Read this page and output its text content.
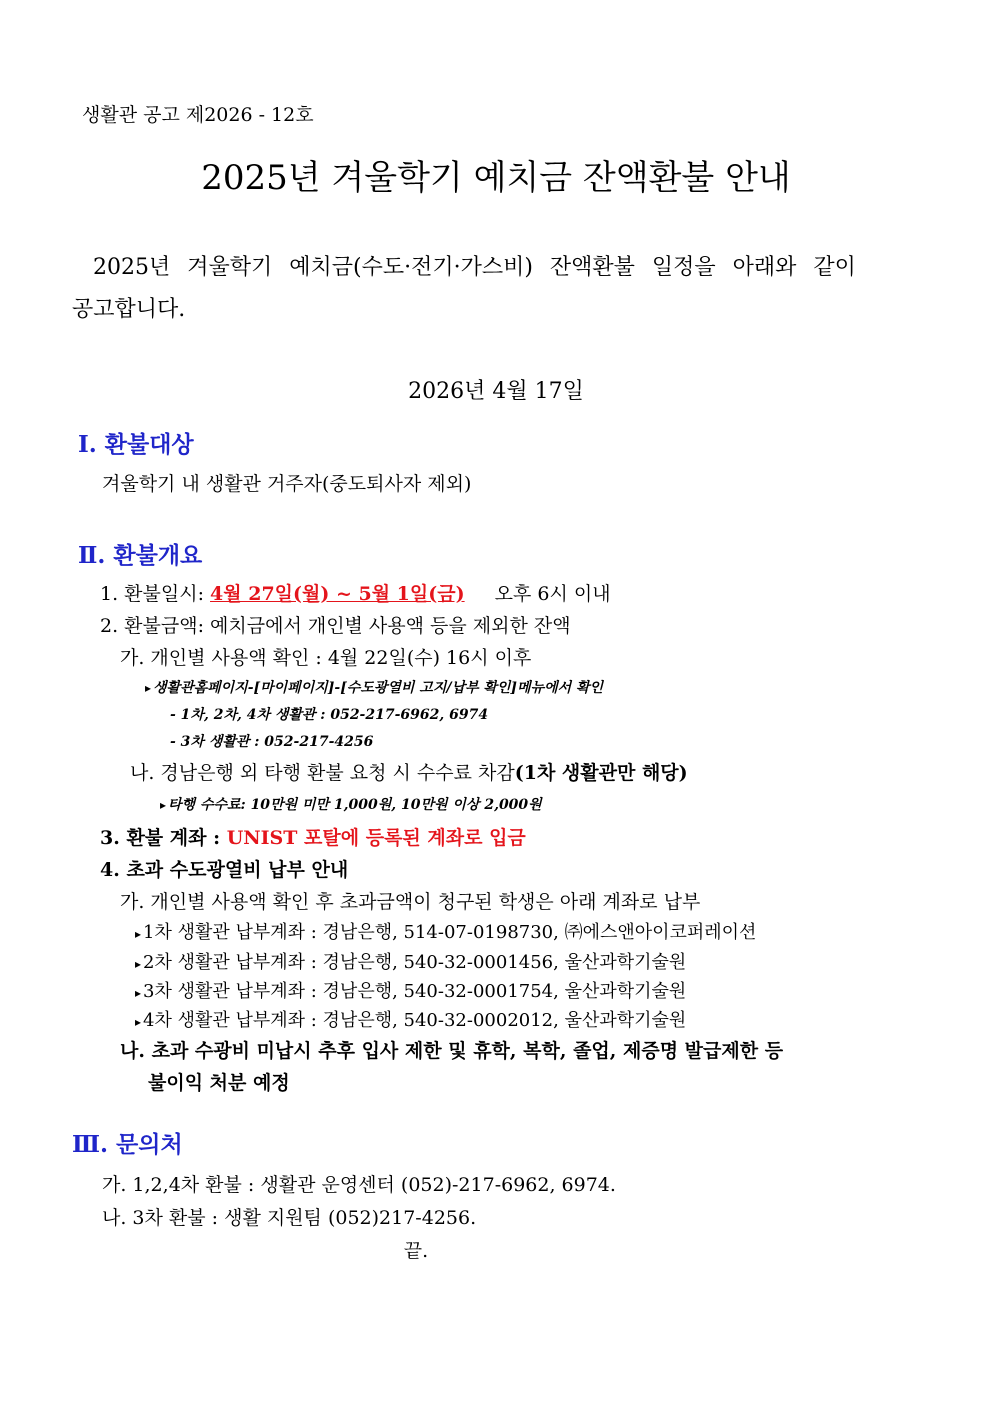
생활관 공고 제2026 - 12호
2025년 겨울학기 예치금 잔액환불 안내
2025년 겨울학기 예치금(수도·전기·가스비) 잔액환불 일정을 아래와 같이
공고합니다.
2026년 4월 17일
Ⅰ. 환불대상
겨울학기 내 생활관 거주자(중도퇴사자 제외)
Ⅱ. 환불개요
1. 환불일시: 4월 27일(월) ~ 5월 1일(금) 오후 6시 이내
2. 환불금액: 예치금에서 개인별 사용액 등을 제외한 잔액
가. 개인별 사용액 확인 : 4월 22일(수) 16시 이후
▸ 생활관홈페이지-[마이페이지]-[수도광열비 고지/납부 확인]메뉴에서 확인
- 1차, 2차, 4차 생활관 : 052-217-6962, 6974
- 3차 생활관 : 052-217-4256
나. 경남은행 외 타행 환불 요청 시 수수료 차감(1차 생활관만 해당)
▸ 타행 수수료: 10만원 미만 1,000원, 10만원 이상 2,000원
3. 환불 계좌 : UNIST 포탈에 등록된 계좌로 입금
4. 초과 수도광열비 납부 안내
가. 개인별 사용액 확인 후 초과금액이 청구된 학생은 아래 계좌로 납부
▸ 1차 생활관 납부계좌 : 경남은행, 514-07-0198730, ㈜에스앤아이코퍼레이션
▸ 2차 생활관 납부계좌 : 경남은행, 540-32-0001456, 울산과학기술원
▸ 3차 생활관 납부계좌 : 경남은행, 540-32-0001754, 울산과학기술원
▸ 4차 생활관 납부계좌 : 경남은행, 540-32-0002012, 울산과학기술원
나. 초과 수광비 미납시 추후 입사 제한 및 휴학, 복학, 졸업, 제증명 발급제한 등
불이익 처분 예정
Ⅲ. 문의처
가. 1,2,4차 환불 : 생활관 운영센터 (052)-217-6962, 6974.
나. 3차 환불 : 생활 지원팀 (052)217-4256.
끝.
